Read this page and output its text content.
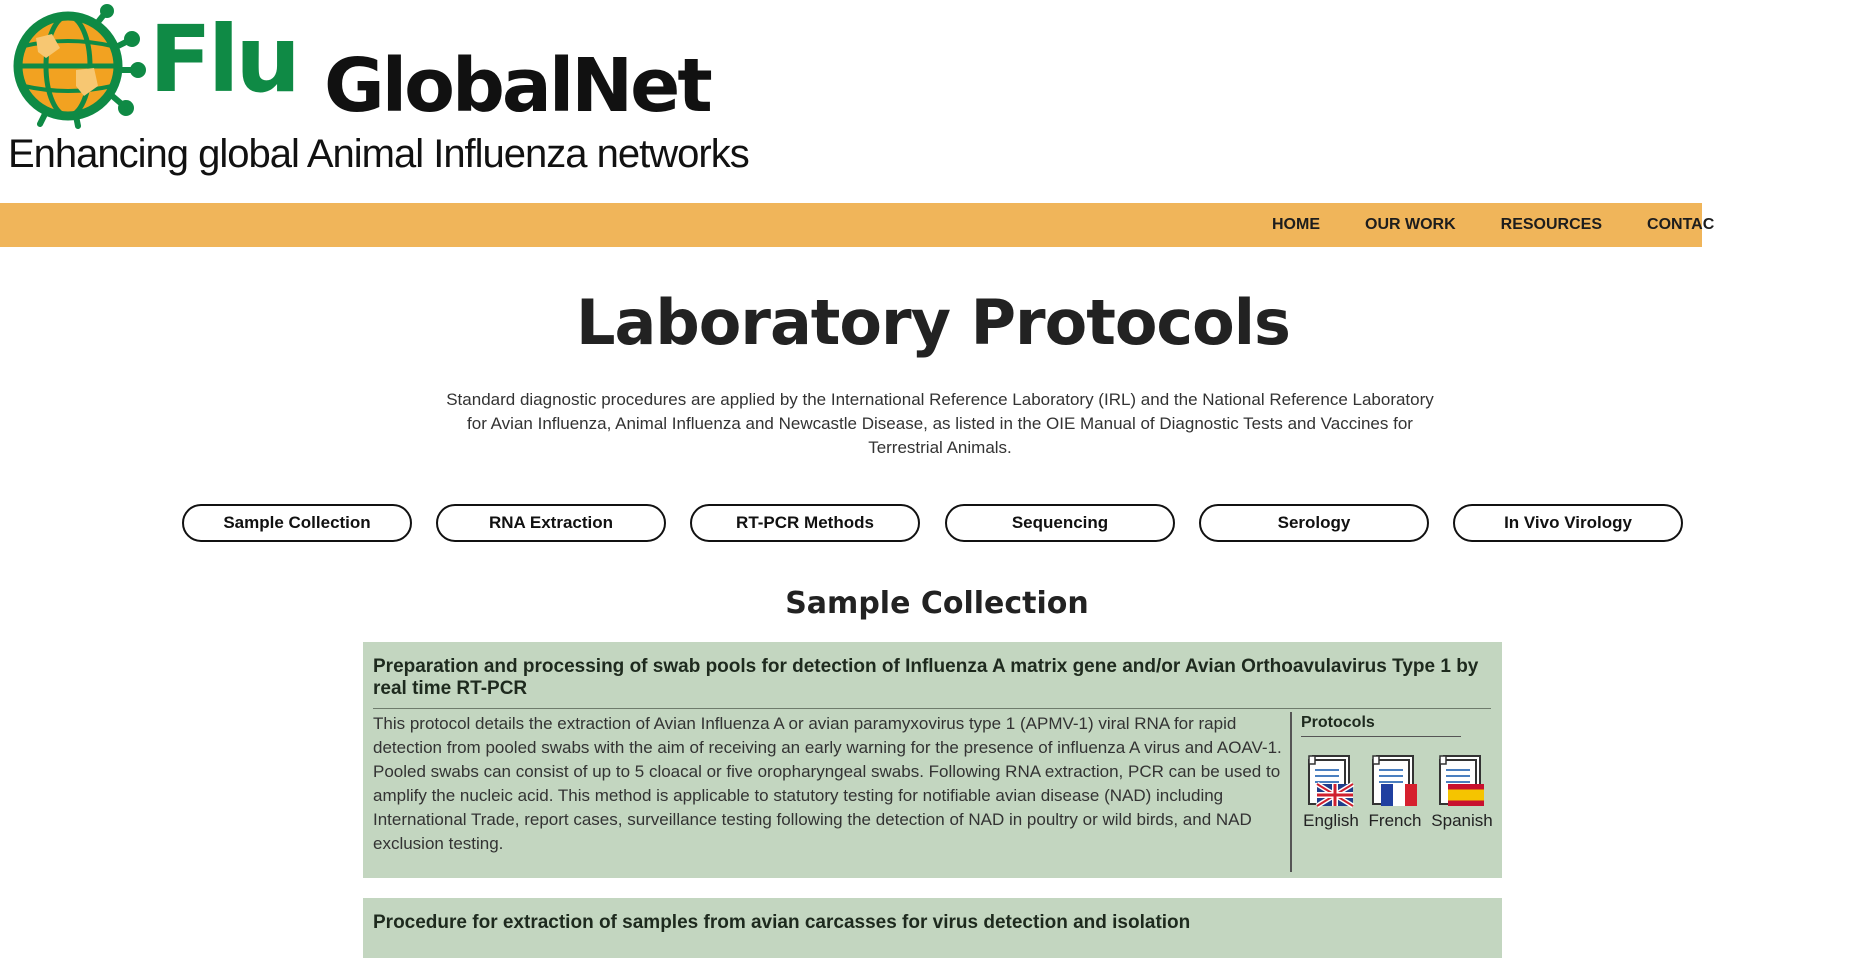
Flu GlobalNet
Enhancing global Animal Influenza networks
HOME	OUR WORK	RESOURCES	CONTAC
Laboratory Protocols
Standard diagnostic procedures are applied by the International Reference Laboratory (IRL) and the National Reference Laboratory for Avian Influenza, Animal Influenza and Newcastle Disease, as listed in the OIE Manual of Diagnostic Tests and Vaccines for Terrestrial Animals.
Sample Collection	RNA Extraction	RT-PCR Methods	Sequencing	Serology	In Vivo Virology
Sample Collection
Preparation and processing of swab pools for detection of Influenza A matrix gene and/or Avian Orthoavulavirus Type 1 by real time RT-PCR
This protocol details the extraction of Avian Influenza A or avian paramyxovirus type 1 (APMV-1) viral RNA for rapid detection from pooled swabs with the aim of receiving an early warning for the presence of influenza A virus and AOAV-1. Pooled swabs can consist of up to 5 cloacal or five oropharyngeal swabs. Following RNA extraction, PCR can be used to amplify the nucleic acid. This method is applicable to statutory testing for notifiable avian disease (NAD) including International Trade, report cases, surveillance testing following the detection of NAD in poultry or wild birds, and NAD exclusion testing.
Protocols
English French Spanish
Procedure for extraction of samples from avian carcasses for virus detection and isolation
